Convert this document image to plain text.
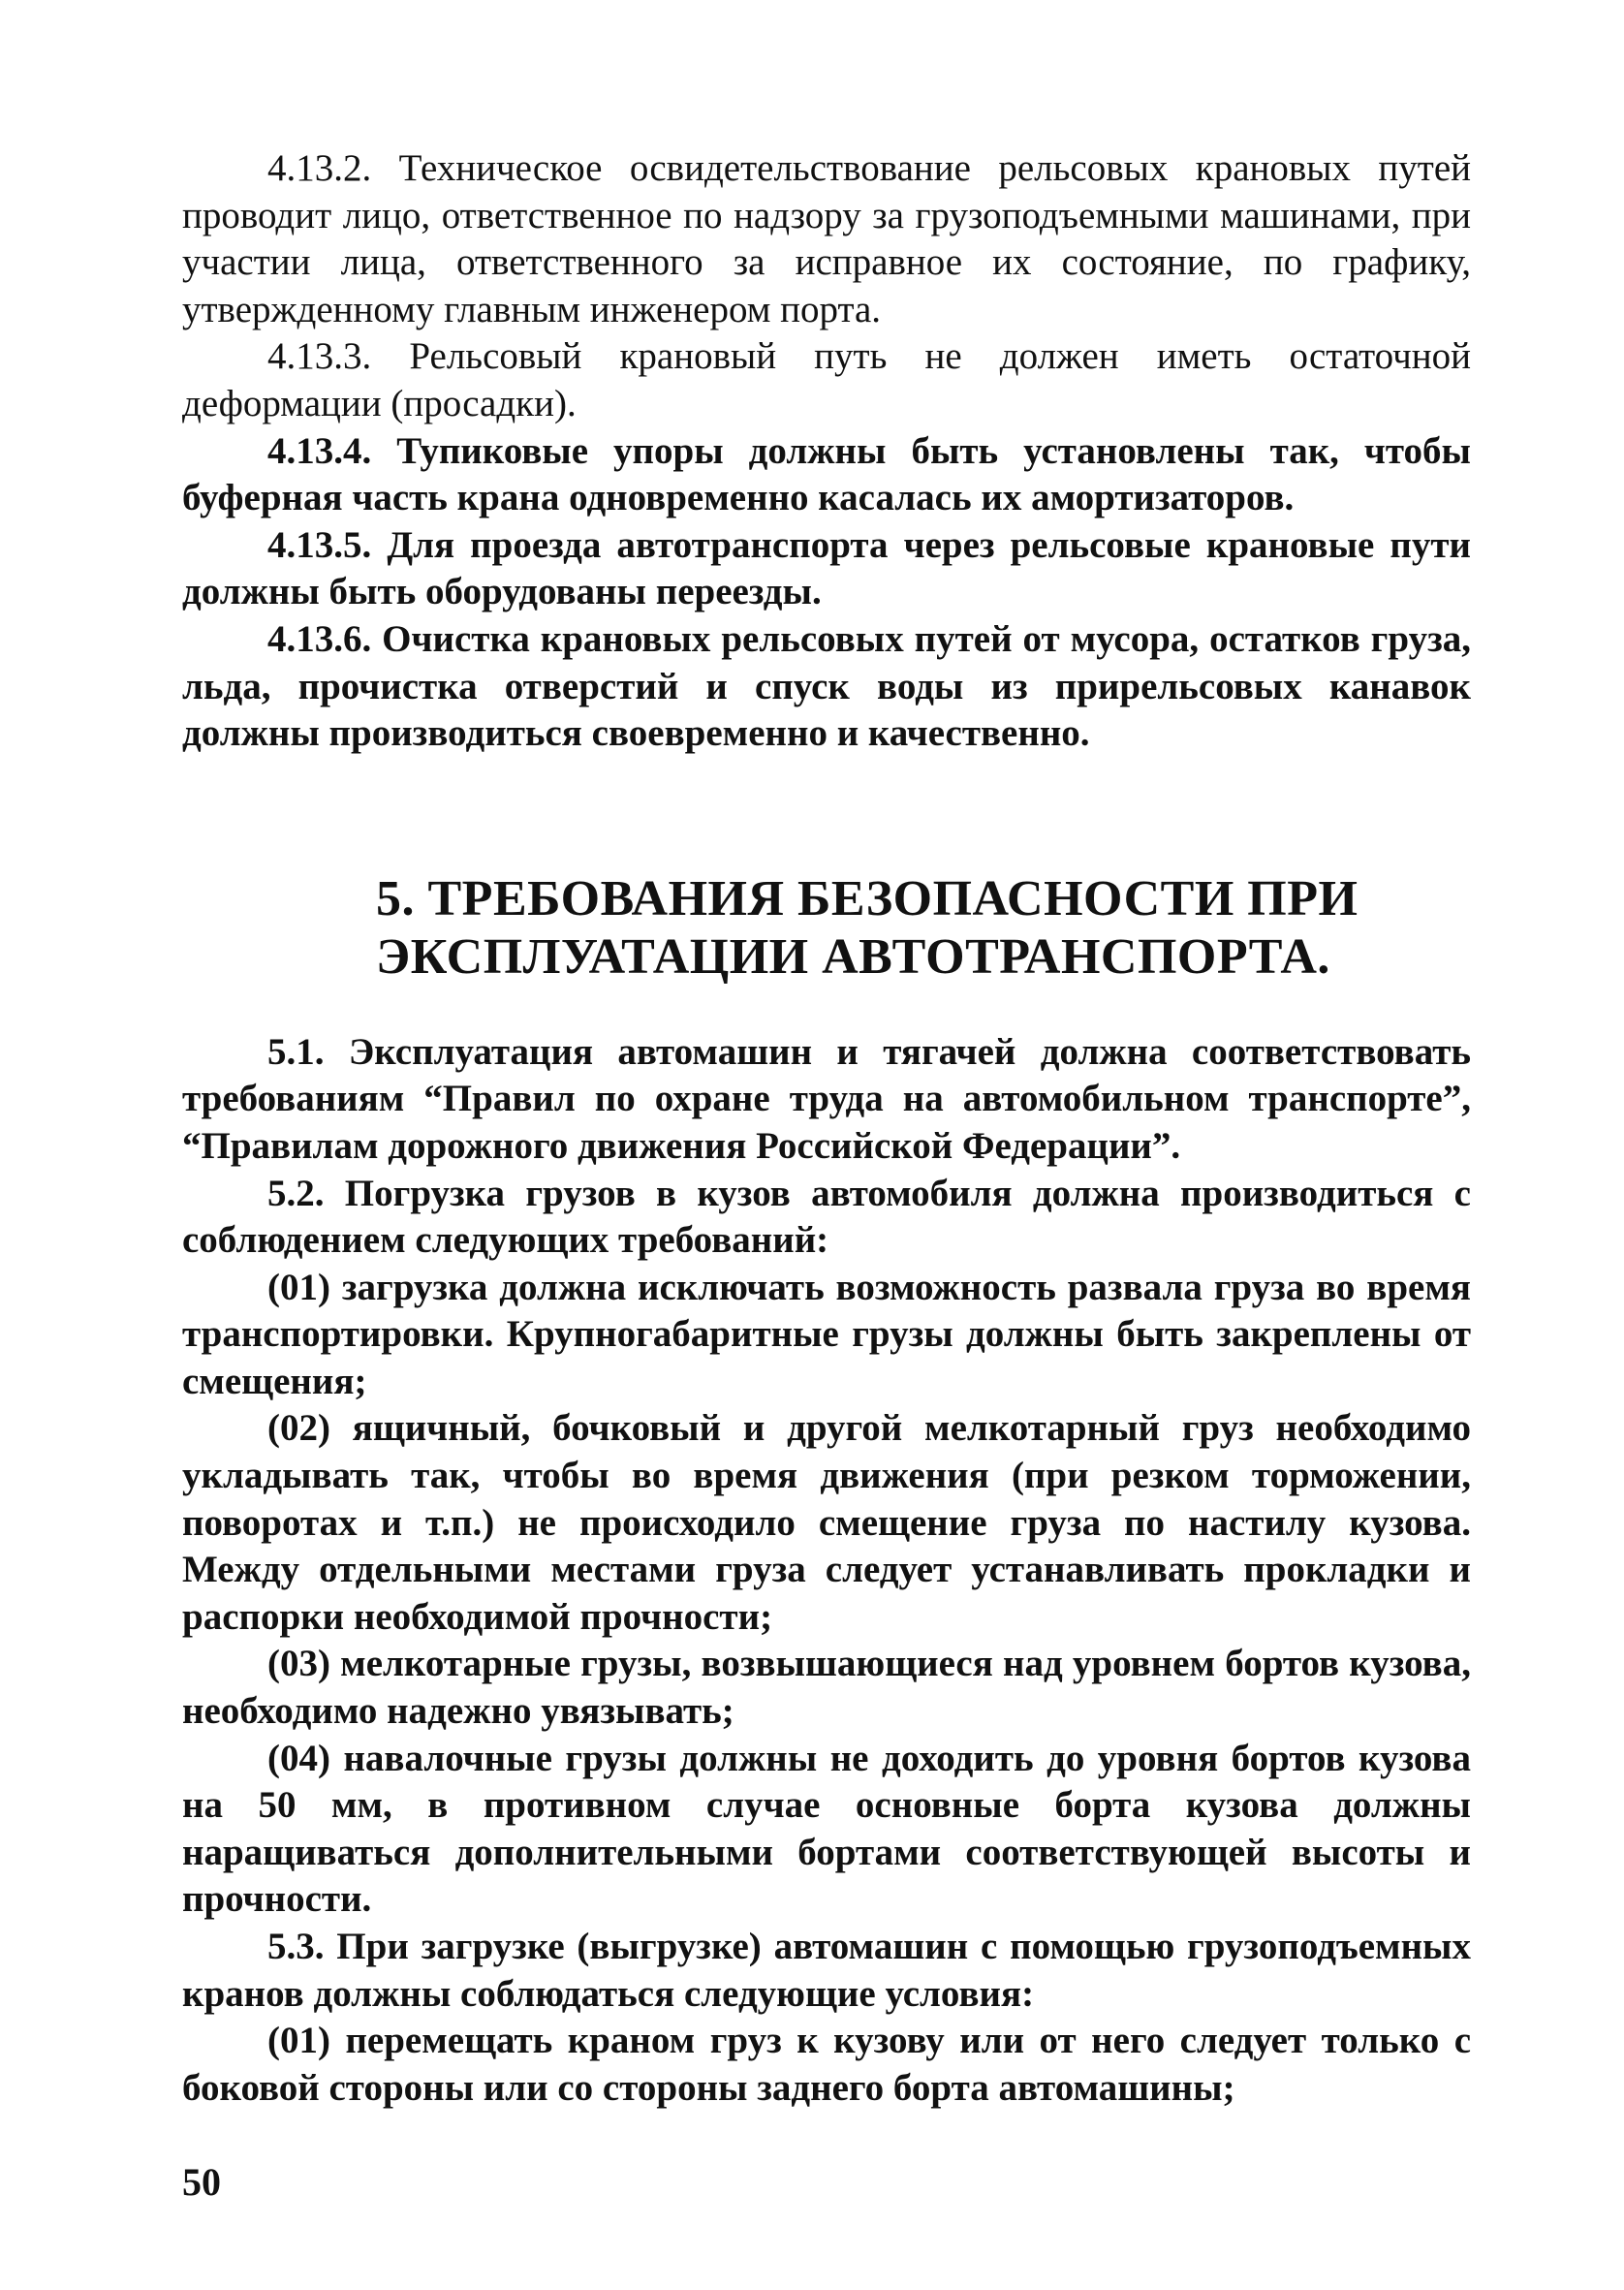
4.13.2. Техническое освидетельствование рельсовых крановых путей проводит лицо, ответственное по надзору за грузоподъемными машинами, при участии лица, ответственного за исправное их состояние, по графику, утвержденному главным инженером порта.

4.13.3. Рельсовый крановый путь не должен иметь остаточной деформации (просадки).

4.13.4. Тупиковые упоры должны быть установлены так, чтобы буферная часть крана одновременно касалась их амортизаторов.

4.13.5. Для проезда автотранспорта через рельсовые крановые пути должны быть оборудованы переезды.

4.13.6. Очистка крановых рельсовых путей от мусора, остатков груза, льда, прочистка отверстий и спуск воды из прирельсовых канавок должны производиться своевременно и качественно.

5. ТРЕБОВАНИЯ БЕЗОПАСНОСТИ ПРИ

ЭКСПЛУАТАЦИИ АВТОТРАНСПОРТА.

5.1. Эксплуатация автомашин и тягачей должна соответствовать требованиям “Правил по охране труда на автомобильном транспорте”, “Правилам дорожного движения Российской Федерации”.

5.2. Погрузка грузов в кузов автомобиля должна производиться с соблюдением следующих требований:

(01) загрузка должна исключать возможность развала груза во время транспортировки. Крупногабаритные грузы должны быть закреплены от смещения;

(02) ящичный, бочковый и другой мелкотарный груз необходимо укладывать так, чтобы во время движения (при резком торможении, поворотах и т.п.) не происходило смещение груза по настилу кузова. Между отдельными местами груза следует устанавливать прокладки и распорки необходимой прочности;

(03) мелкотарные грузы, возвышающиеся над уровнем бортов кузова, необходимо надежно увязывать;

(04) навалочные грузы должны не доходить до уровня бортов кузова на 50 мм, в противном случае основные борта кузова должны наращиваться дополнительными бортами соответствующей высоты и прочности.

5.3. При загрузке (выгрузке) автомашин с помощью грузоподъемных кранов должны соблюдаться следующие условия:

(01) перемещать краном груз к кузову или от него следует только с боковой стороны или со стороны заднего борта автомашины;

50
